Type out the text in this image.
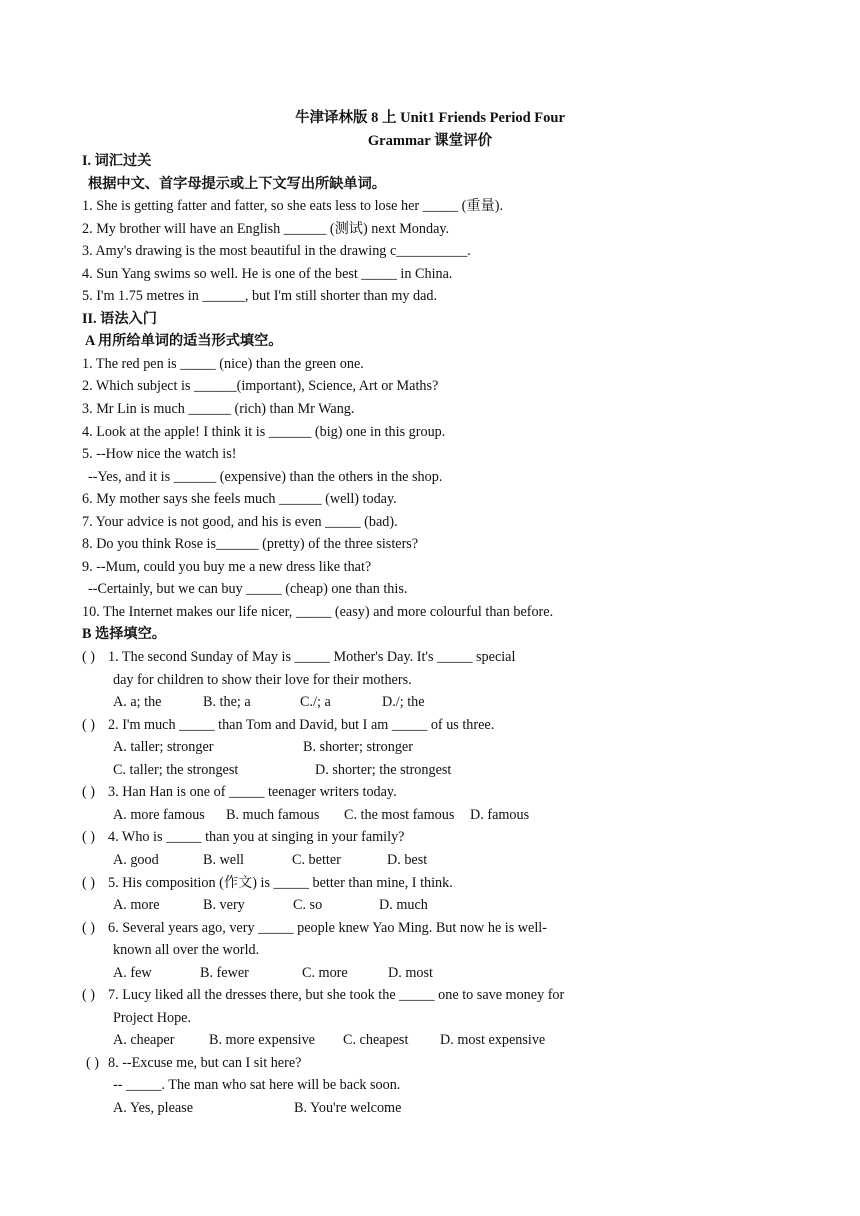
牛津译林版 8 上 Unit1 Friends Period Four
Grammar 课堂评价
I. 词汇过关
根据中文、首字母提示或上下文写出所缺单词。
1. She is getting fatter and fatter, so she eats less to lose her _____ (重量).
2. My brother will have an English ______ (测试) next Monday.
3. Amy's drawing is the most beautiful in the drawing c__________.
4. Sun Yang swims so well. He is one of the best _____ in China.
5. I'm 1.75 metres in ______, but I'm still shorter than my dad.
II. 语法入门
A 用所给单词的适当形式填空。
1. The red pen is _____ (nice) than the green one.
2. Which subject is ______(important), Science, Art or Maths?
3. Mr Lin is much ______ (rich) than Mr Wang.
4. Look at the apple! I think it is ______ (big) one in this group.
5. --How nice the watch is!
--Yes, and it is ______ (expensive) than the others in the shop.
6. My mother says she feels much ______ (well) today.
7. Your advice is not good, and his is even _____ (bad).
8. Do you think Rose is______ (pretty) of the three sisters?
9. --Mum, could you buy me a new dress like that?
--Certainly, but we can buy _____ (cheap) one than this.
10. The Internet makes our life nicer, _____ (easy) and more colourful than before.
B 选择填空。
( ) 1. The second Sunday of May is _____ Mother's Day. It's _____ special
day for children to show their love for their mothers.
A. a; the	B. the; a	C./; a	D./; the
( ) 2. I'm much _____ than Tom and David, but I am _____ of us three.
A. taller; stronger	B. shorter; stronger
C. taller; the strongest	D. shorter; the strongest
( ) 3. Han Han is one of _____ teenager writers today.
A. more famous	B. much famous	C. the most famous	D. famous
( ) 4. Who is _____ than you at singing in your family?
A. good	B. well	C. better	D. best
( ) 5. His composition (作文) is _____ better than mine, I think.
A. more	B. very	C. so	D. much
( ) 6. Several years ago, very _____ people knew Yao Ming. But now he is well-
known all over the world.
A. few	B. fewer	C. more	D. most
( ) 7. Lucy liked all the dresses there, but she took the _____ one to save money for
Project Hope.
A. cheaper	B. more expensive	C. cheapest	D. most expensive
( ) 8. --Excuse me, but can I sit here?
-- _____. The man who sat here will be back soon.
A. Yes, please	B. You're welcome
